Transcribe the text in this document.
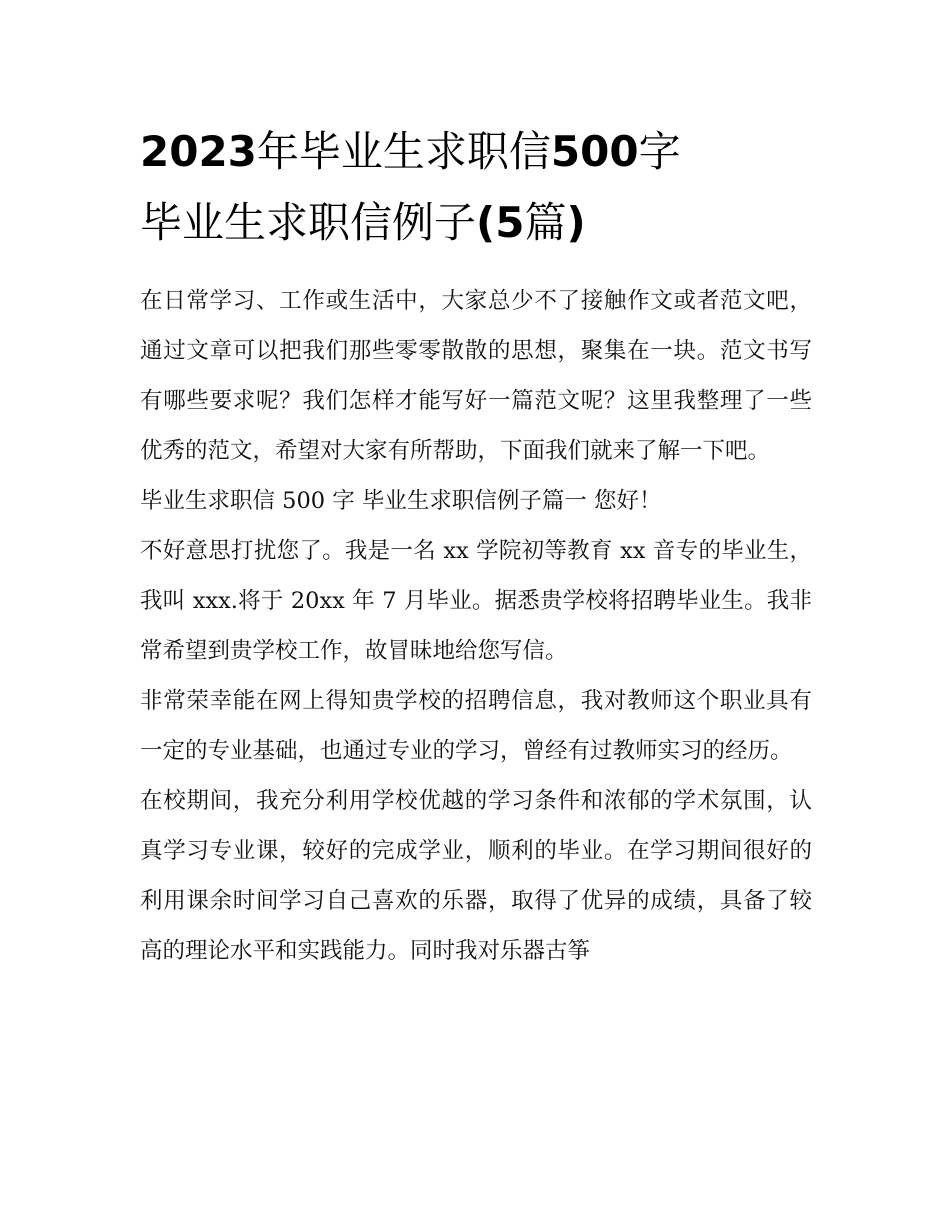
2023年毕业生求职信500字
毕业生求职信例子(5篇)

在日常学习、工作或生活中，大家总少不了接触作文或者范文吧，通过文章可以把我们那些零零散散的思想，聚集在一块。范文书写有哪些要求呢？我们怎样才能写好一篇范文呢？这里我整理了一些优秀的范文，希望对大家有所帮助，下面我们就来了解一下吧。

毕业生求职信 500 字 毕业生求职信例子篇一 您好！

不好意思打扰您了。我是一名 xx 学院初等教育 xx 音专的毕业生，我叫 xxx.将于 20xx 年 7 月毕业。据悉贵学校将招聘毕业生。我非常希望到贵学校工作，故冒昧地给您写信。

非常荣幸能在网上得知贵学校的招聘信息，我对教师这个职业具有一定的专业基础，也通过专业的学习，曾经有过教师实习的经历。

在校期间，我充分利用学校优越的学习条件和浓郁的学术氛围，认真学习专业课，较好的完成学业，顺利的毕业。在学习期间很好的利用课余时间学习自己喜欢的乐器，取得了优异的成绩，具备了较高的理论水平和实践能力。同时我对乐器古筝
